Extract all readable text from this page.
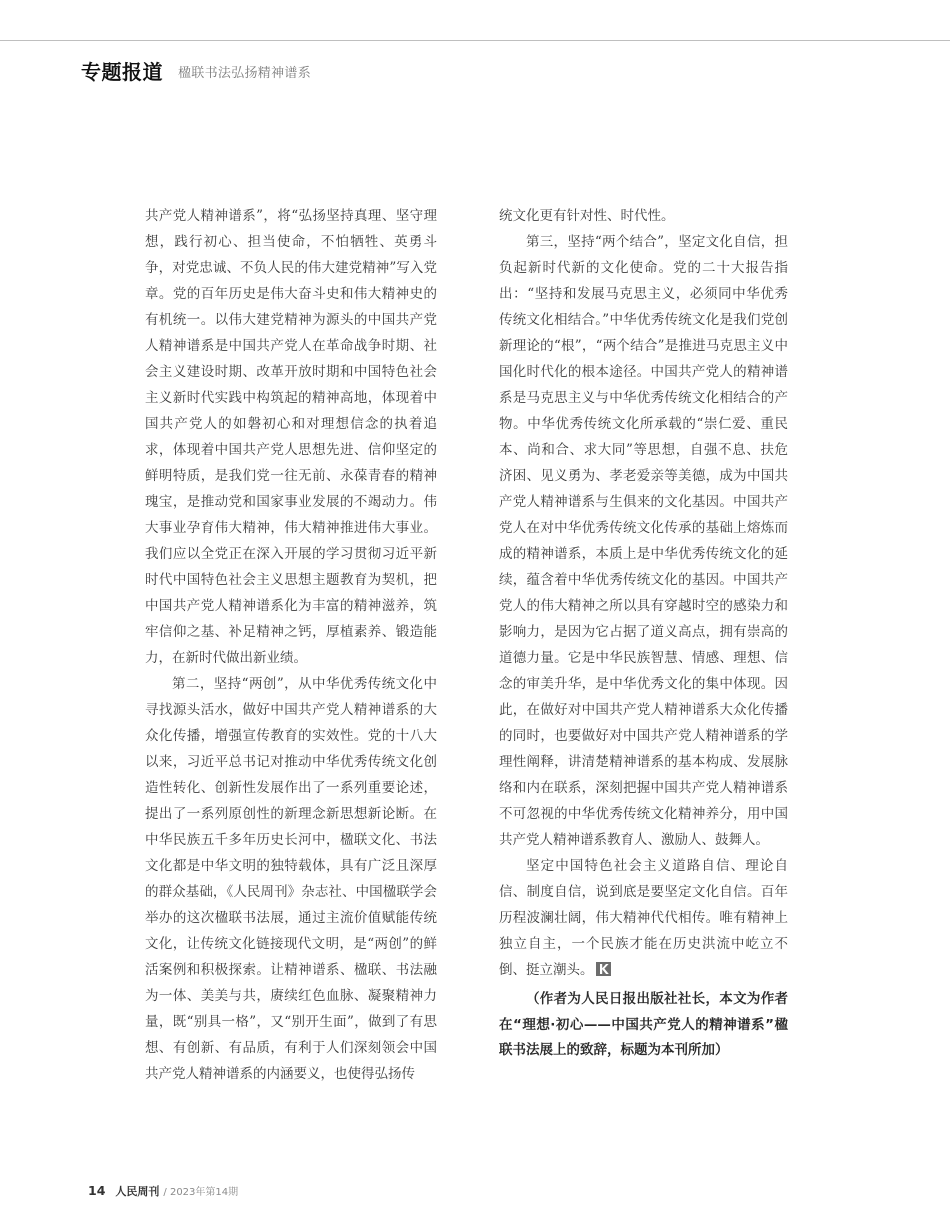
专题报道 楹联书法弘扬精神谱系

共产党人精神谱系”，将“弘扬坚持真理、坚守理想，践行初心、担当使命，不怕牺牲、英勇斗争，对党忠诚、不负人民的伟大建党精神”写入党章。党的百年历史是伟大奋斗史和伟大精神史的有机统一。以伟大建党精神为源头的中国共产党人精神谱系是中国共产党人在革命战争时期、社会主义建设时期、改革开放时期和中国特色社会主义新时代实践中构筑起的精神高地，体现着中国共产党人的如磐初心和对理想信念的执着追求，体现着中国共产党人思想先进、信仰坚定的鲜明特质，是我们党一往无前、永葆青春的精神瑰宝，是推动党和国家事业发展的不竭动力。伟大事业孕育伟大精神，伟大精神推进伟大事业。我们应以全党正在深入开展的学习贯彻习近平新时代中国特色社会主义思想主题教育为契机，把中国共产党人精神谱系化为丰富的精神滋养，筑牢信仰之基、补足精神之钙，厚植素养、锻造能力，在新时代做出新业绩。

第二，坚持“两创”，从中华优秀传统文化中寻找源头活水，做好中国共产党人精神谱系的大众化传播，增强宣传教育的实效性。党的十八大以来，习近平总书记对推动中华优秀传统文化创造性转化、创新性发展作出了一系列重要论述，提出了一系列原创性的新理念新思想新论断。在中华民族五千多年历史长河中，楹联文化、书法文化都是中华文明的独特载体，具有广泛且深厚的群众基础，《人民周刊》杂志社、中国楹联学会举办的这次楹联书法展，通过主流价值赋能传统文化，让传统文化链接现代文明，是“两创”的鲜活案例和积极探索。让精神谱系、楹联、书法融为一体、美美与共，赓续红色血脉、凝聚精神力量，既“别具一格”，又“别开生面”，做到了有思想、有创新、有品质，有利于人们深刻领会中国共产党人精神谱系的内涵要义，也使得弘扬传

统文化更有针对性、时代性。

第三，坚持“两个结合”，坚定文化自信，担负起新时代新的文化使命。党的二十大报告指出：“坚持和发展马克思主义，必须同中华优秀传统文化相结合。”中华优秀传统文化是我们党创新理论的“根”，“两个结合”是推进马克思主义中国化时代化的根本途径。中国共产党人的精神谱系是马克思主义与中华优秀传统文化相结合的产物。中华优秀传统文化所承载的“崇仁爱、重民本、尚和合、求大同”等思想，自强不息、扶危济困、见义勇为、孝老爱亲等美德，成为中国共产党人精神谱系与生俱来的文化基因。中国共产党人在对中华优秀传统文化传承的基础上熔炼而成的精神谱系，本质上是中华优秀传统文化的延续，蕴含着中华优秀传统文化的基因。中国共产党人的伟大精神之所以具有穿越时空的感染力和影响力，是因为它占据了道义高点，拥有崇高的道德力量。它是中华民族智慧、情感、理想、信念的审美升华，是中华优秀文化的集中体现。因此，在做好对中国共产党人精神谱系大众化传播的同时，也要做好对中国共产党人精神谱系的学理性阐释，讲清楚精神谱系的基本构成、发展脉络和内在联系，深刻把握中国共产党人精神谱系不可忽视的中华优秀传统文化精神养分，用中国共产党人精神谱系教育人、激励人、鼓舞人。

坚定中国特色社会主义道路自信、理论自信、制度自信，说到底是要坚定文化自信。百年历程波澜壮阔，伟大精神代代相传。唯有精神上独立自主，一个民族才能在历史洪流中屹立不倒、挺立潮头。

（作者为人民日报出版社社长，本文为作者在“理想·初心——中国共产党人的精神谱系”楹联书法展上的致辞，标题为本刊所加）

14 人民周刊 / 2023年第14期
